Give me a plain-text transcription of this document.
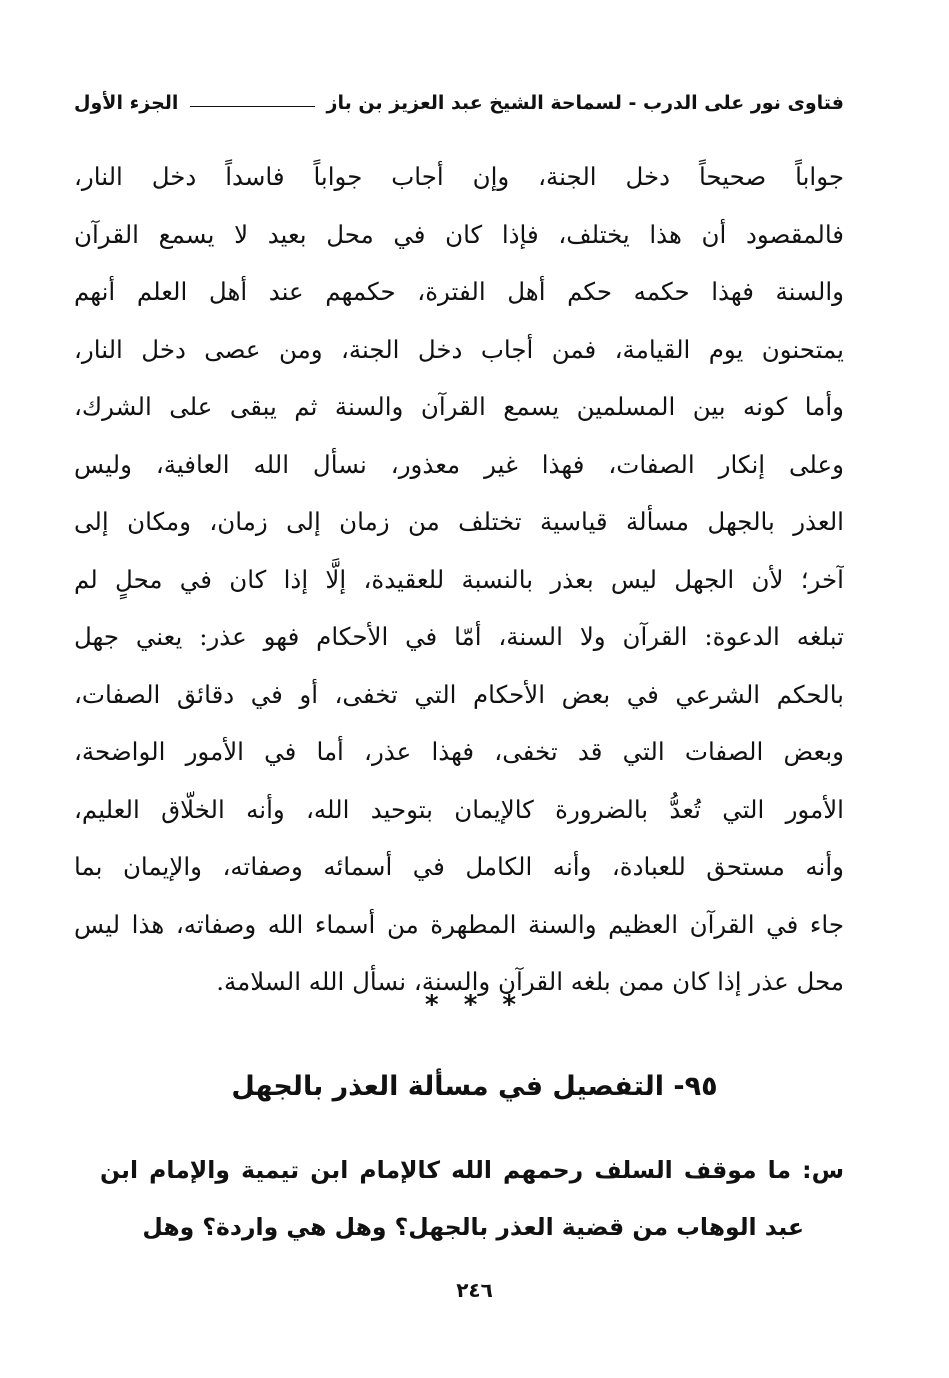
فتاوى نور على الدرب - لسماحة الشيخ عبد العزيز بن باز
الجزء الأول
جواباً صحيحاً دخل الجنة، وإن أجاب جواباً فاسداً دخل النار،
فالمقصود أن هذا يختلف، فإذا كان في محل بعيد لا يسمع القرآن
والسنة فهذا حكمه حكم أهل الفترة، حكمهم عند أهل العلم أنهم
يمتحنون يوم القيامة، فمن أجاب دخل الجنة، ومن عصى دخل النار،
وأما كونه بين المسلمين يسمع القرآن والسنة ثم يبقى على الشرك،
وعلى إنكار الصفات، فهذا غير معذور، نسأل الله العافية، وليس
العذر بالجهل مسألة قياسية تختلف من زمان إلى زمان، ومكان إلى
آخر؛ لأن الجهل ليس بعذر بالنسبة للعقيدة، إلَّا إذا كان في محلٍ لم
تبلغه الدعوة: القرآن ولا السنة، أمّا في الأحكام فهو عذر: يعني جهل
بالحكم الشرعي في بعض الأحكام التي تخفى، أو في دقائق الصفات،
وبعض الصفات التي قد تخفى، فهذا عذر، أما في الأمور الواضحة،
الأمور التي تُعدُّ بالضرورة كالإيمان بتوحيد الله، وأنه الخلّاق العليم،
وأنه مستحق للعبادة، وأنه الكامل في أسمائه وصفاته، والإيمان بما
جاء في القرآن العظيم والسنة المطهرة من أسماء الله وصفاته، هذا ليس
محل عذر إذا كان ممن بلغه القرآن والسنة، نسأل الله السلامة.
* * *
٩٥- التفصيل في مسألة العذر بالجهل
س: ما موقف السلف رحمهم الله كالإمام ابن تيمية والإمام ابن
عبد الوهاب من قضية العذر بالجهل؟ وهل هي واردة؟ وهل
٢٤٦
